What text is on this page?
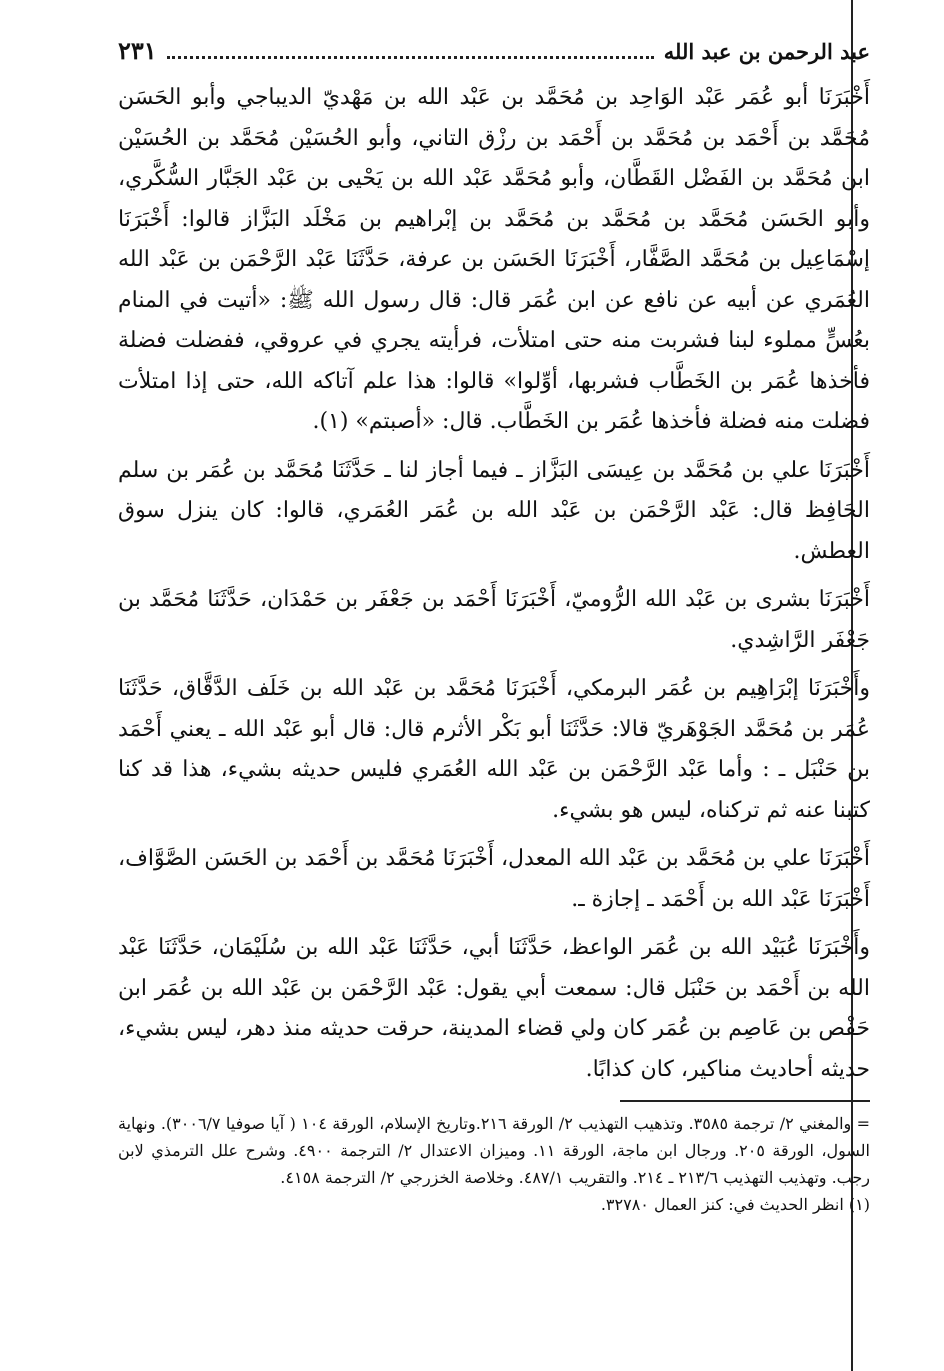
عبد الرحمن بن عبد الله
٢٣١

أَخْبَرَنَا أبو عُمَر عَبْد الوَاحِد بن مُحَمَّد بن عَبْد الله بن مَهْديّ الديباجي وأبو الحَسَن مُحَمَّد بن أَحْمَد بن مُحَمَّد بن أَحْمَد بن رزْق التاني، وأبو الحُسَيْن مُحَمَّد بن الحُسَيْن ابن مُحَمَّد بن الفَضْل القَطَّان، وأبو مُحَمَّد عَبْد الله بن يَحْيى بن عَبْد الجَبَّار السُّكَّري، وأبو الحَسَن مُحَمَّد بن مُحَمَّد بن مُحَمَّد بن إبْراهيم بن مَخْلَد البَزَّاز قالوا: أَخْبَرَنَا إسْمَاعِيل بن مُحَمَّد الصَّفَّار، أَخْبَرَنَا الحَسَن بن عرفة، حَدَّثَنَا عَبْد الرَّحْمَن بن عَبْد الله العُمَري عن أبيه عن نافع عن ابن عُمَر قال: قال رسول الله ﷺ: «أتيت في المنام بعُسٍّ مملوء لبنا فشربت منه حتى امتلأت، فرأيته يجري في عروقي، ففضلت فضلة فأخذها عُمَر بن الخَطَّاب فشربها، أوِّلوا» قالوا: هذا علم آتاكه الله، حتى إذا امتلأت فضلت منه فضلة فأخذها عُمَر بن الخَطَّاب. قال: «أصبتم» (١).

أَخْبَرَنَا علي بن مُحَمَّد بن عِيسَى البَزَّاز ـ فيما أجاز لنا ـ حَدَّثَنَا مُحَمَّد بن عُمَر بن سلم الحَافِظ قال: عَبْد الرَّحْمَن بن عَبْد الله بن عُمَر العُمَري، قالوا: كان ينزل سوق العطش.

أَخْبَرَنَا بشرى بن عَبْد الله الرُّوميّ، أَخْبَرَنَا أَحْمَد بن جَعْفَر بن حَمْدَان، حَدَّثَنَا مُحَمَّد بن جَعْفَر الرَّاشِدي.

وأَخْبَرَنَا إبْرَاهِيم بن عُمَر البرمكي، أَخْبَرَنَا مُحَمَّد بن عَبْد الله بن خَلَف الدَّقَّاق، حَدَّثَنَا عُمَر بن مُحَمَّد الجَوْهَريّ قالا: حَدَّثَنَا أبو بَكْر الأثرم قال: قال أبو عَبْد الله ـ يعني أَحْمَد بن حَنْبَل ـ : وأما عَبْد الرَّحْمَن بن عَبْد الله العُمَري فليس حديثه بشيء، هذا قد كنا كتبنا عنه ثم تركناه، ليس هو بشيء.

أَخْبَرَنَا علي بن مُحَمَّد بن عَبْد الله المعدل، أَخْبَرَنَا مُحَمَّد بن أَحْمَد بن الحَسَن الصَّوَّاف، أَخْبَرَنَا عَبْد الله بن أَحْمَد ـ إجازة ـ.

وأَخْبَرَنَا عُبَيْد الله بن عُمَر الواعظ، حَدَّثَنَا أبي، حَدَّثَنَا عَبْد الله بن سُلَيْمَان، حَدَّثَنَا عَبْد الله بن أَحْمَد بن حَنْبَل قال: سمعت أبي يقول: عَبْد الرَّحْمَن بن عَبْد الله بن عُمَر ابن حَفْص بن عَاصِم بن عُمَر كان ولي قضاء المدينة، حرقت حديثه منذ دهر، ليس بشيء، حديثه أحاديث مناكير، كان كذابًا.

= والمغني ٢/ ترجمة ٣٥٨٥. وتذهيب التهذيب ٢/ الورقة ٢١٦.وتاريخ الإسلام، الورقة ١٠٤ ( آيا صوفيا ٣٠٠٦/٧). ونهاية السول، الورقة ٢٠٥. ورجال ابن ماجة، الورقة ١١. وميزان الاعتدال ٢/ الترجمة ٤٩٠٠. وشرح علل الترمذي لابن رجب. وتهذيب التهذيب ٢١٣/٦ ـ ٢١٤. والتقريب ٤٨٧/١. وخلاصة الخزرجي ٢/ الترجمة ٤١٥٨.

(١) انظر الحديث في: كنز العمال ٣٢٧٨٠.
